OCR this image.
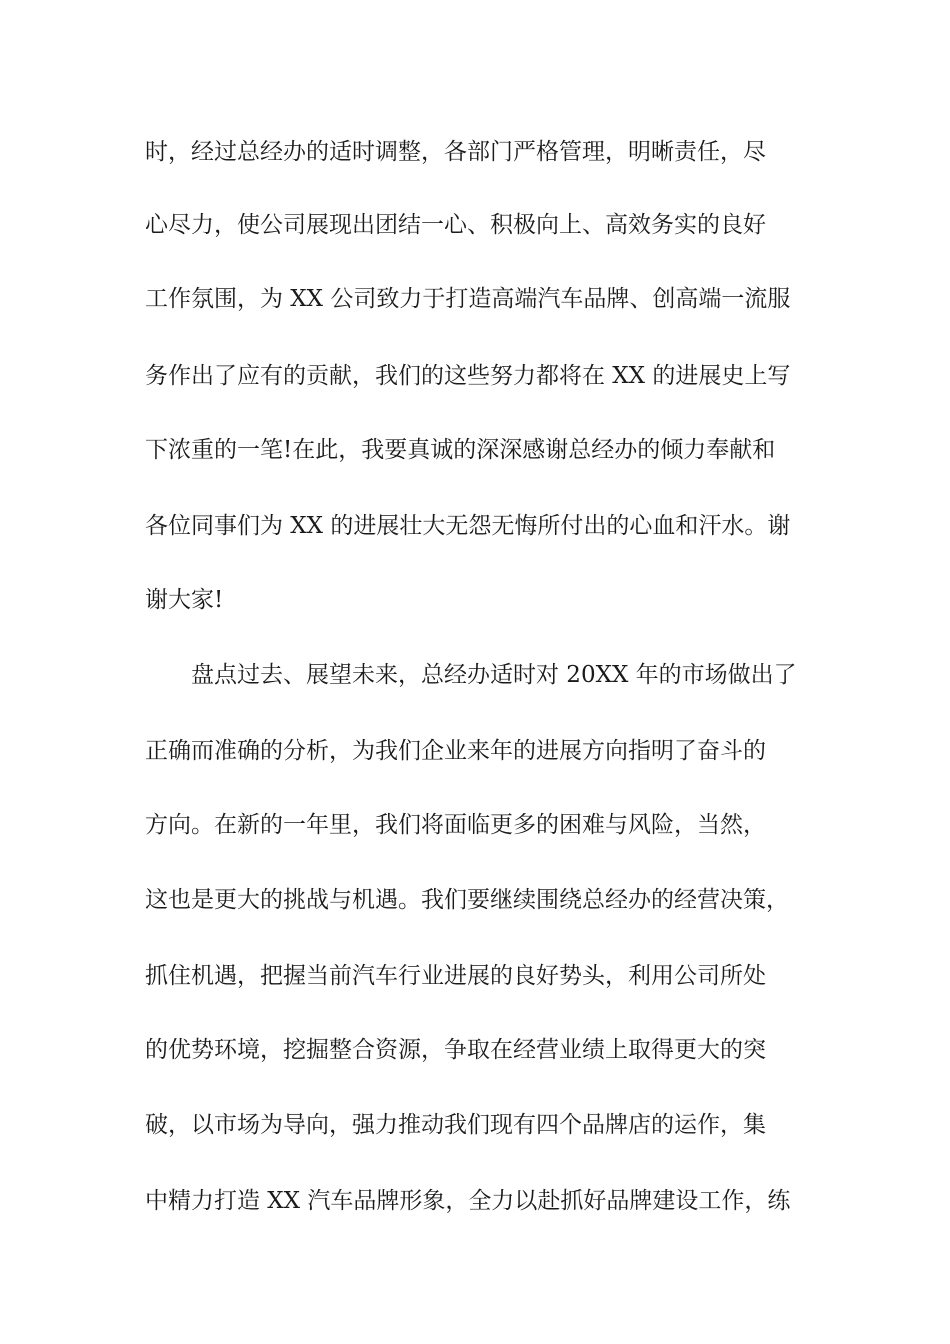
时，经过总经办的适时调整，各部门严格管理，明晰责任，尽
心尽力，使公司展现出团结一心、积极向上、高效务实的良好
工作氛围，为 XX 公司致力于打造高端汽车品牌、创高端一流服
务作出了应有的贡献，我们的这些努力都将在 XX 的进展史上写
下浓重的一笔!在此，我要真诚的深深感谢总经办的倾力奉献和
各位同事们为 XX 的进展壮大无怨无悔所付出的心血和汗水。谢
谢大家!
盘点过去、展望未来，总经办适时对 20XX 年的市场做出了
正确而准确的分析，为我们企业来年的进展方向指明了奋斗的
方向。在新的一年里，我们将面临更多的困难与风险，当然，
这也是更大的挑战与机遇。我们要继续围绕总经办的经营决策，
抓住机遇，把握当前汽车行业进展的良好势头，利用公司所处
的优势环境，挖掘整合资源，争取在经营业绩上取得更大的突
破，以市场为导向，强力推动我们现有四个品牌店的运作，集
中精力打造 XX 汽车品牌形象，全力以赴抓好品牌建设工作，练
